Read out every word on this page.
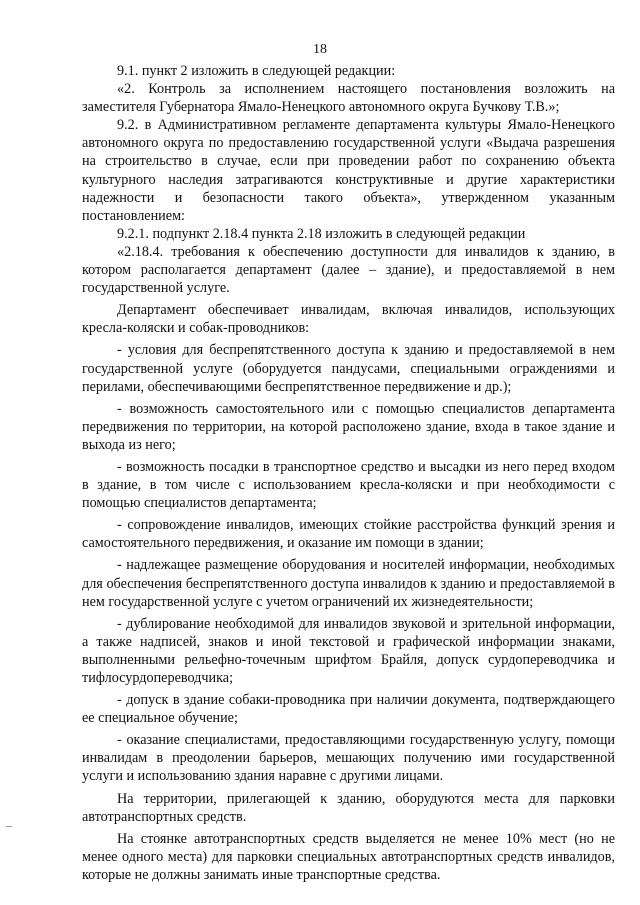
18

9.1. пункт 2 изложить в следующей редакции:

«2. Контроль за исполнением настоящего постановления возложить на заместителя Губернатора Ямало-Ненецкого автономного округа Бучкову Т.В.»;

9.2. в Административном регламенте департамента культуры Ямало-Ненецкого автономного округа по предоставлению государственной услуги «Выдача разрешения на строительство в случае, если при проведении работ по сохранению объекта культурного наследия затрагиваются конструктивные и другие характеристики надежности и безопасности такого объекта», утвержденном указанным постановлением:

9.2.1. подпункт 2.18.4 пункта 2.18 изложить в следующей редакции

«2.18.4. требования к обеспечению доступности для инвалидов к зданию, в котором располагается департамент (далее – здание), и предоставляемой в нем государственной услуге.

Департамент обеспечивает инвалидам, включая инвалидов, использующих кресла-коляски и собак-проводников:

- условия для беспрепятственного доступа к зданию и предоставляемой в нем государственной услуге (оборудуется пандусами, специальными ограждениями и перилами, обеспечивающими беспрепятственное передвижение и др.);

- возможность самостоятельного или с помощью специалистов департамента передвижения по территории, на которой расположено здание, входа в такое здание и выхода из него;

- возможность посадки в транспортное средство и высадки из него перед входом в здание, в том числе с использованием кресла-коляски и при необходимости с помощью специалистов департамента;

- сопровождение инвалидов, имеющих стойкие расстройства функций зрения и самостоятельного передвижения, и оказание им помощи в здании;

- надлежащее размещение оборудования и носителей информации, необходимых для обеспечения беспрепятственного доступа инвалидов к зданию и предоставляемой в нем государственной услуге с учетом ограничений их жизнедеятельности;

- дублирование необходимой для инвалидов звуковой и зрительной информации, а также надписей, знаков и иной текстовой и графической информации знаками, выполненными рельефно-точечным шрифтом Брайля, допуск сурдопереводчика и тифлосурдопереводчика;

- допуск в здание собаки-проводника при наличии документа, подтверждающего ее специальное обучение;

- оказание специалистами, предоставляющими государственную услугу, помощи инвалидам в преодолении барьеров, мешающих получению ими государственной услуги и использованию здания наравне с другими лицами.

На территории, прилегающей к зданию, оборудуются места для парковки автотранспортных средств.

На стоянке автотранспортных средств выделяется не менее 10% мест (но не менее одного места) для парковки специальных автотранспортных средств инвалидов, которые не должны занимать иные транспортные средства.
